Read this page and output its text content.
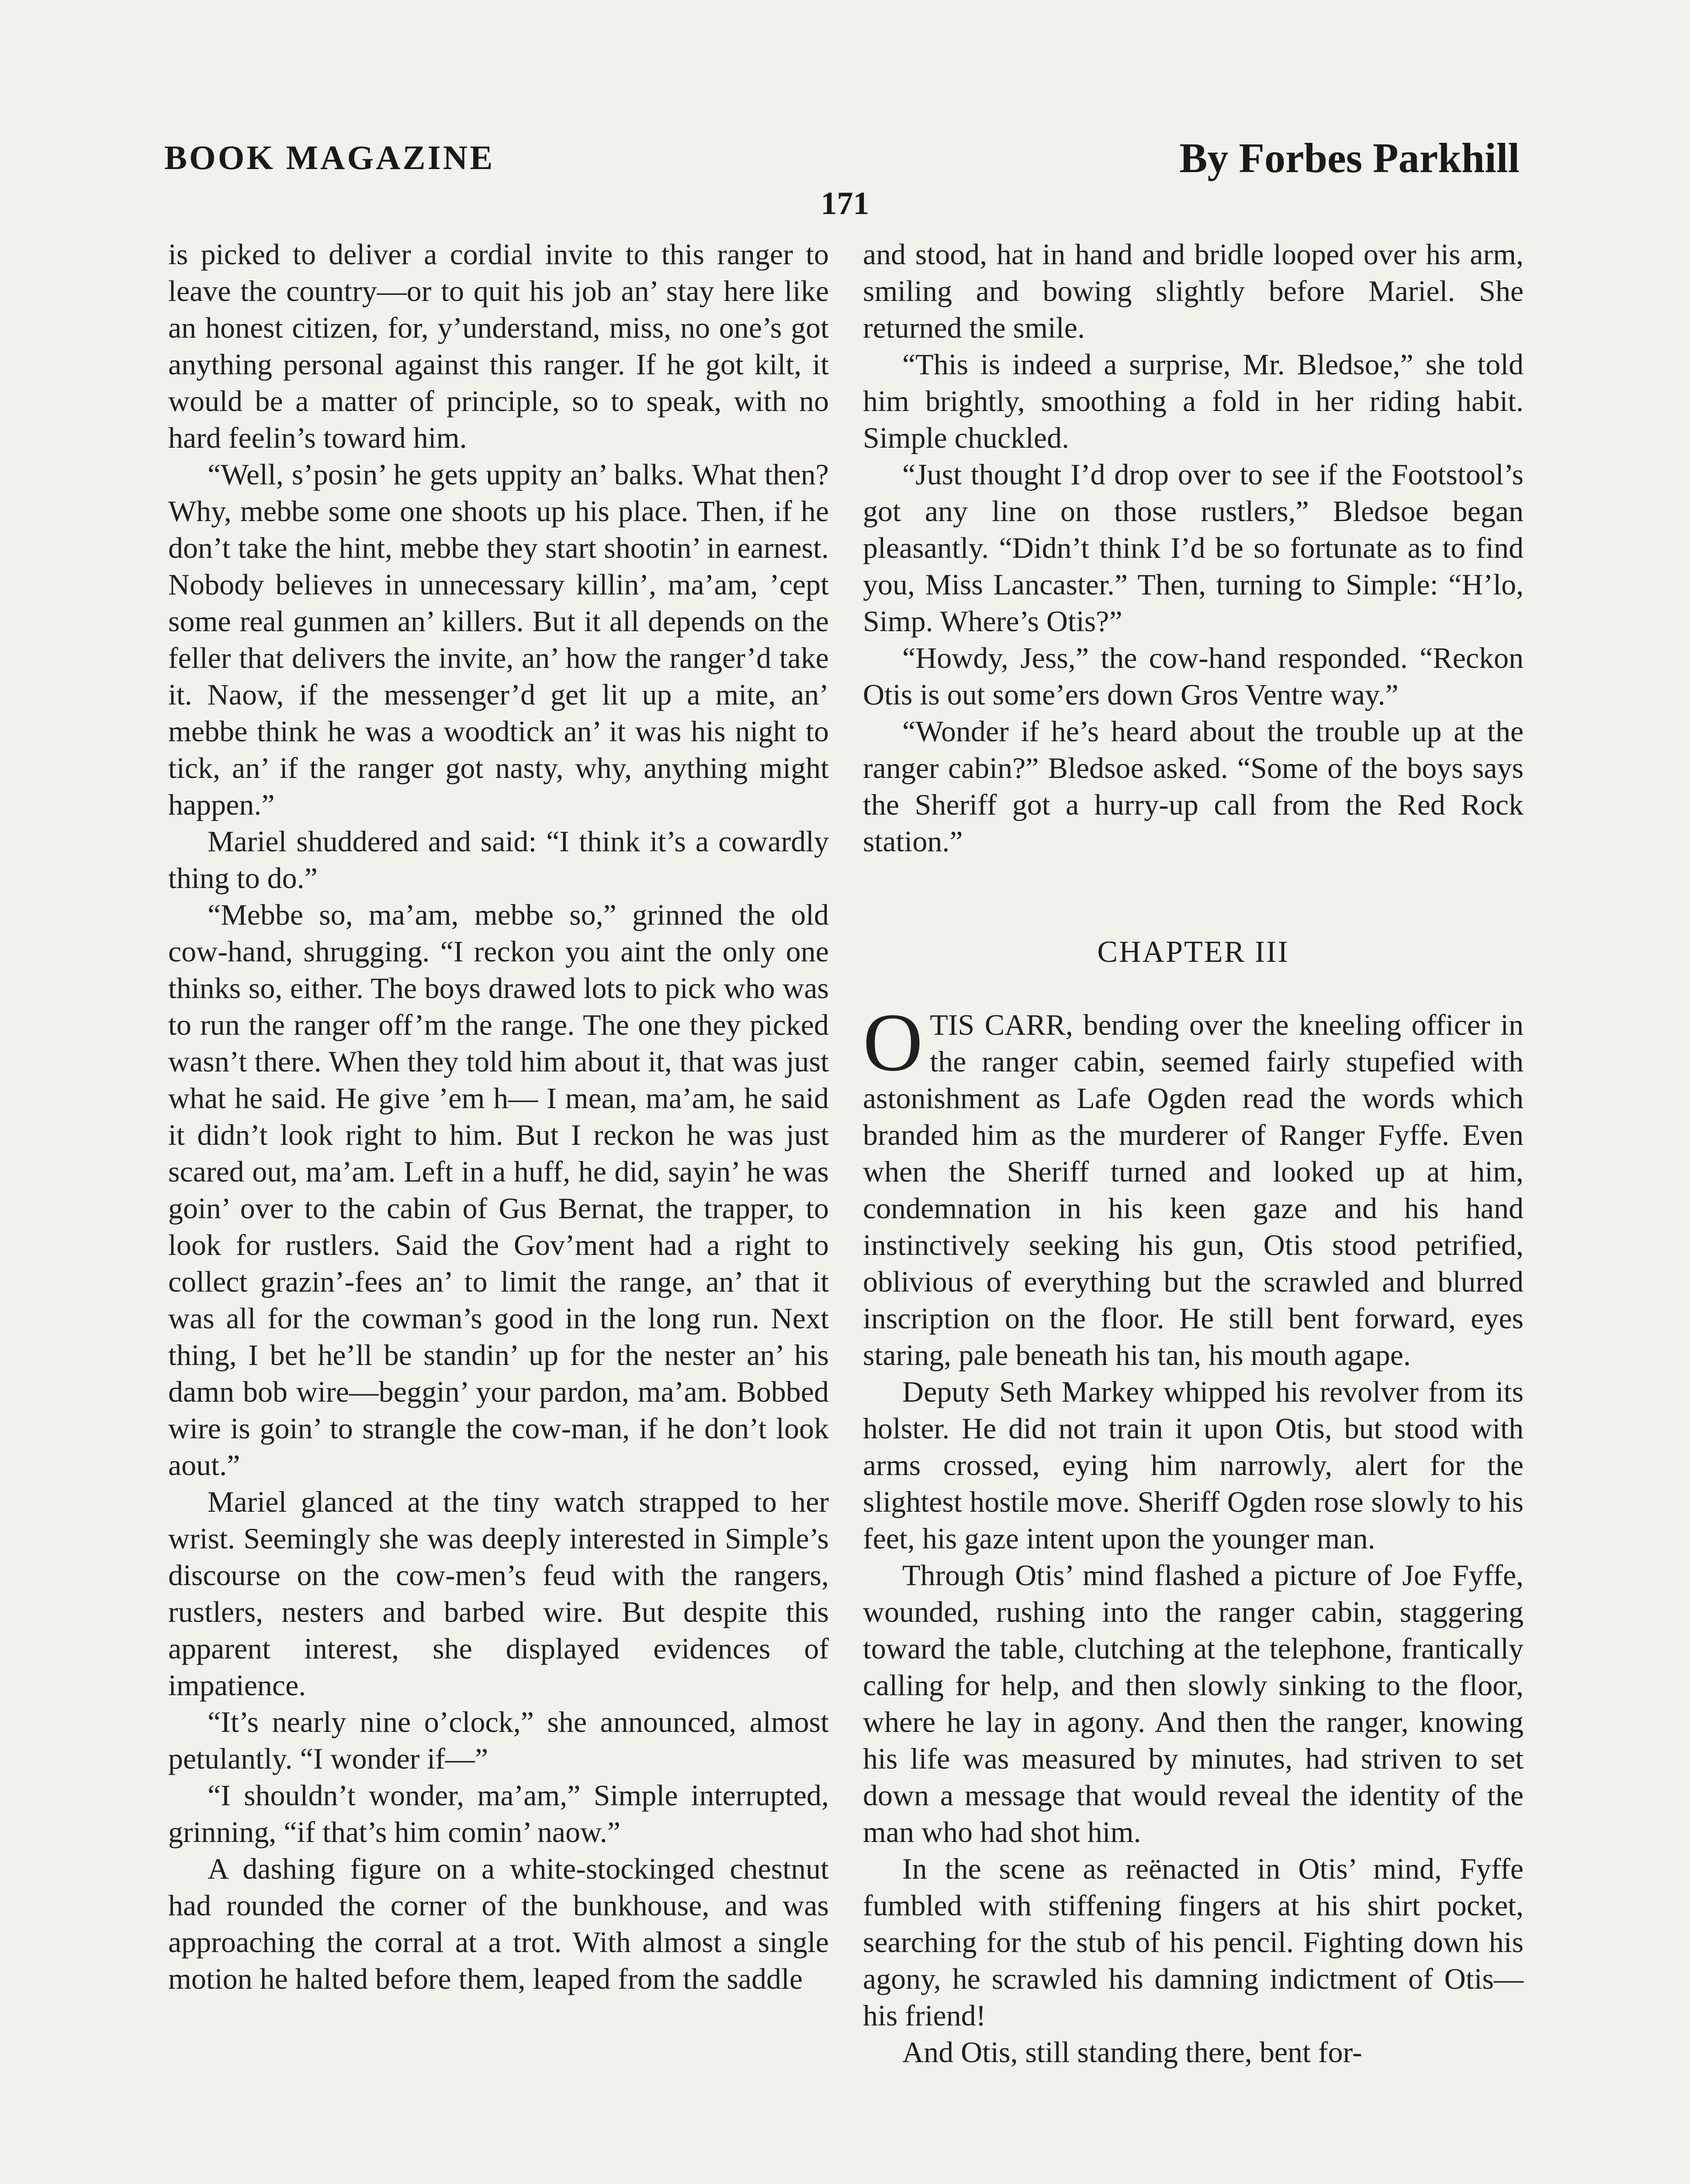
BOOK MAGAZINE	By Forbes Parkhill
171

is picked to deliver a cordial invite to this ranger to leave the country—or to quit his job an’ stay here like an honest citizen, for, y’understand, miss, no one’s got anything personal against this ranger. If he got kilt, it would be a matter of principle, so to speak, with no hard feelin’s toward him.

“Well, s’posin’ he gets uppity an’ balks. What then? Why, mebbe some one shoots up his place. Then, if he don’t take the hint, mebbe they start shootin’ in earnest. Nobody believes in unnecessary killin’, ma’am, ’cept some real gunmen an’ killers. But it all depends on the feller that delivers the invite, an’ how the ranger’d take it. Naow, if the messenger’d get lit up a mite, an’ mebbe think he was a woodtick an’ it was his night to tick, an’ if the ranger got nasty, why, anything might happen.”

Mariel shuddered and said: “I think it’s a cowardly thing to do.”

“Mebbe so, ma’am, mebbe so,” grinned the old cow-hand, shrugging. “I reckon you aint the only one thinks so, either. The boys drawed lots to pick who was to run the ranger off’m the range. The one they picked wasn’t there. When they told him about it, that was just what he said. He give ’em h— I mean, ma’am, he said it didn’t look right to him. But I reckon he was just scared out, ma’am. Left in a huff, he did, sayin’ he was goin’ over to the cabin of Gus Bernat, the trapper, to look for rustlers. Said the Gov’ment had a right to collect grazin’-fees an’ to limit the range, an’ that it was all for the cowman’s good in the long run. Next thing, I bet he’ll be standin’ up for the nester an’ his damn bob wire—beggin’ your pardon, ma’am. Bobbed wire is goin’ to strangle the cow-man, if he don’t look aout.”

Mariel glanced at the tiny watch strapped to her wrist. Seemingly she was deeply interested in Simple’s discourse on the cow-men’s feud with the rangers, rustlers, nesters and barbed wire. But despite this apparent interest, she displayed evidences of impatience.

“It’s nearly nine o’clock,” she announced, almost petulantly. “I wonder if—”

“I shouldn’t wonder, ma’am,” Simple interrupted, grinning, “if that’s him comin’ naow.”

A dashing figure on a white-stockinged chestnut had rounded the corner of the bunkhouse, and was approaching the corral at a trot. With almost a single motion he halted before them, leaped from the saddle

and stood, hat in hand and bridle looped over his arm, smiling and bowing slightly before Mariel. She returned the smile.

“This is indeed a surprise, Mr. Bledsoe,” she told him brightly, smoothing a fold in her riding habit. Simple chuckled.

“Just thought I’d drop over to see if the Footstool’s got any line on those rustlers,” Bledsoe began pleasantly. “Didn’t think I’d be so fortunate as to find you, Miss Lancaster.” Then, turning to Simple: “H’lo, Simp. Where’s Otis?”

“Howdy, Jess,” the cow-hand responded. “Reckon Otis is out some’ers down Gros Ventre way.”

“Wonder if he’s heard about the trouble up at the ranger cabin?” Bledsoe asked. “Some of the boys says the Sheriff got a hurry-up call from the Red Rock station.”

CHAPTER III

OTIS CARR, bending over the kneeling officer in the ranger cabin, seemed fairly stupefied with astonishment as Lafe Ogden read the words which branded him as the murderer of Ranger Fyffe. Even when the Sheriff turned and looked up at him, condemnation in his keen gaze and his hand instinctively seeking his gun, Otis stood petrified, oblivious of everything but the scrawled and blurred inscription on the floor. He still bent forward, eyes staring, pale beneath his tan, his mouth agape.

Deputy Seth Markey whipped his revolver from its holster. He did not train it upon Otis, but stood with arms crossed, eying him narrowly, alert for the slightest hostile move. Sheriff Ogden rose slowly to his feet, his gaze intent upon the younger man.

Through Otis’ mind flashed a picture of Joe Fyffe, wounded, rushing into the ranger cabin, staggering toward the table, clutching at the telephone, frantically calling for help, and then slowly sinking to the floor, where he lay in agony. And then the ranger, knowing his life was measured by minutes, had striven to set down a message that would reveal the identity of the man who had shot him.

In the scene as reënacted in Otis’ mind, Fyffe fumbled with stiffening fingers at his shirt pocket, searching for the stub of his pencil. Fighting down his agony, he scrawled his damning indictment of Otis—his friend!

And Otis, still standing there, bent for-
